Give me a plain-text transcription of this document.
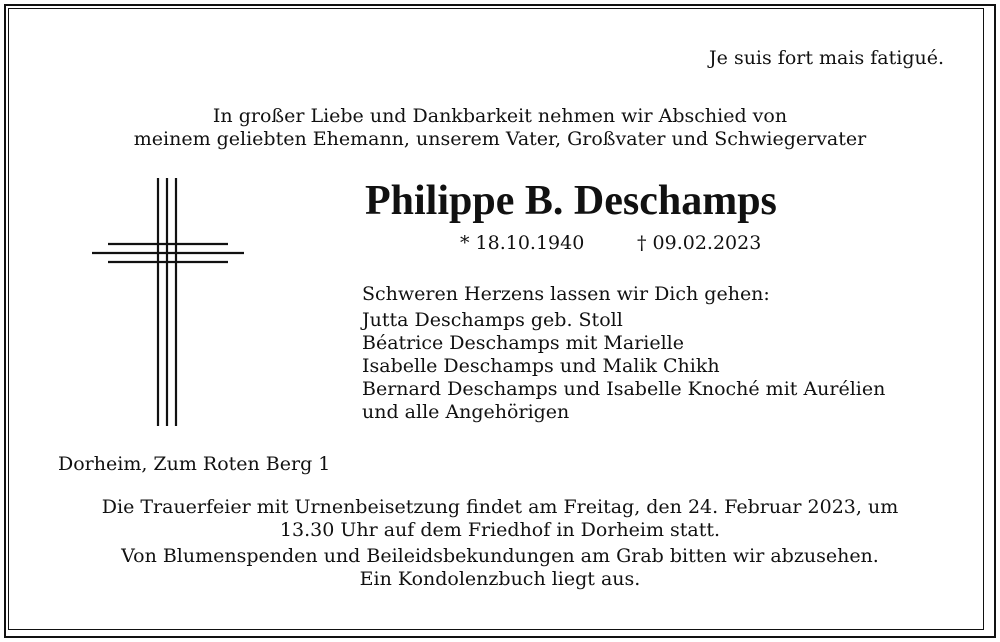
Je suis fort mais fatigué.
In großer Liebe und Dankbarkeit nehmen wir Abschied von
meinem geliebten Ehemann, unserem Vater, Großvater und Schwiegervater
Philippe B. Deschamps
* 18.10.1940	† 09.02.2023
Schweren Herzens lassen wir Dich gehen:
Jutta Deschamps geb. Stoll
Béatrice Deschamps mit Marielle
Isabelle Deschamps und Malik Chikh
Bernard Deschamps und Isabelle Knoché mit Aurélien
und alle Angehörigen
Dorheim, Zum Roten Berg 1
Die Trauerfeier mit Urnenbeisetzung findet am Freitag, den 24. Februar 2023, um
13.30 Uhr auf dem Friedhof in Dorheim statt.
Von Blumenspenden und Beileidsbekundungen am Grab bitten wir abzusehen.
Ein Kondolenzbuch liegt aus.
